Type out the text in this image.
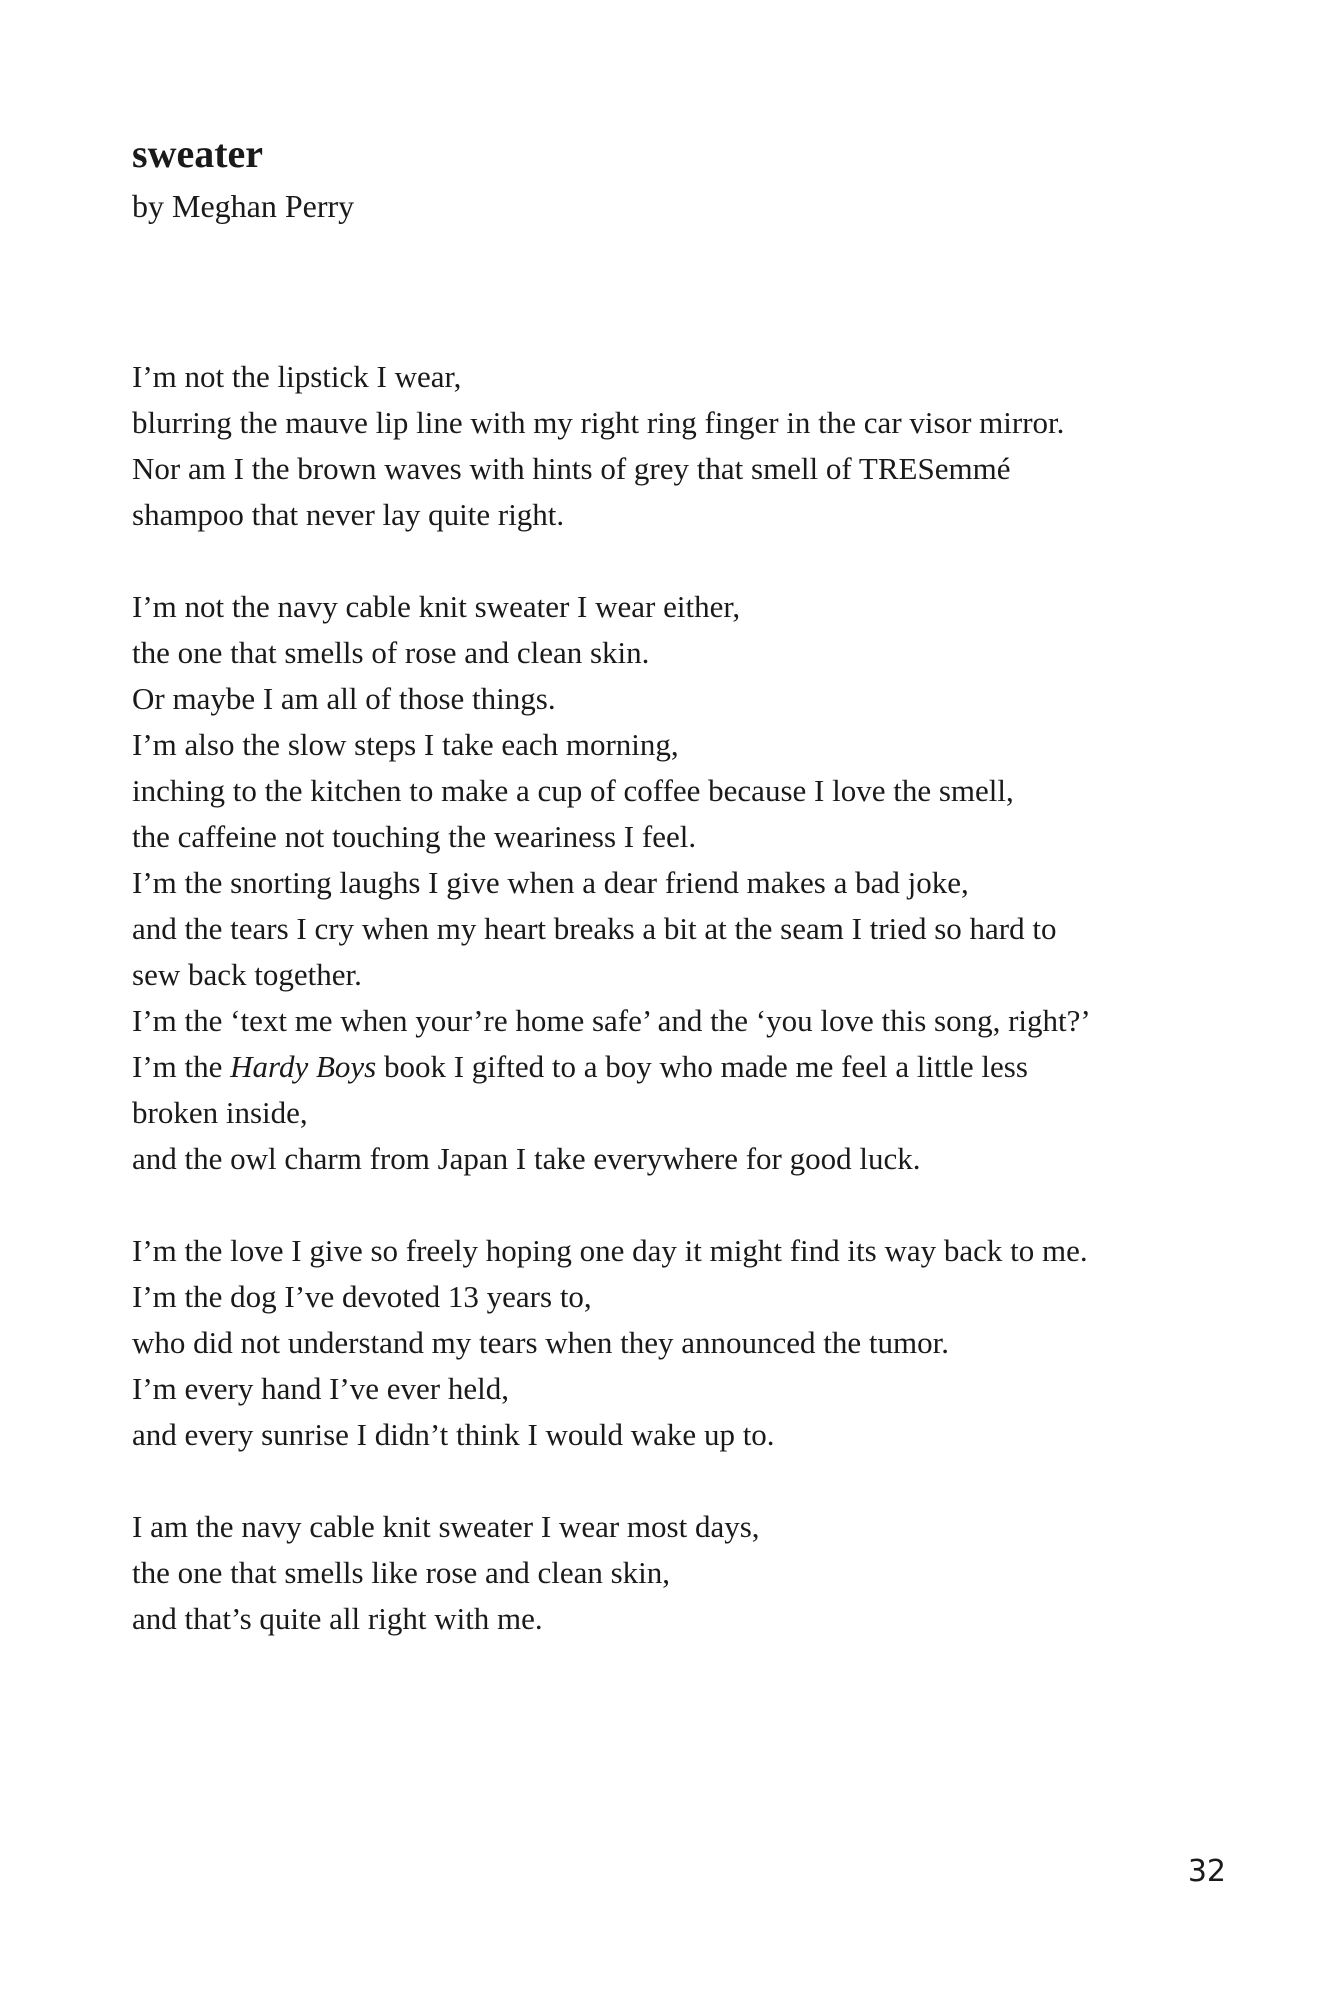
sweater

by Meghan Perry

I’m not the lipstick I wear,
blurring the mauve lip line with my right ring finger in the car visor mirror.
Nor am I the brown waves with hints of grey that smell of TRESemmé
shampoo that never lay quite right.
I’m not the navy cable knit sweater I wear either,
the one that smells of rose and clean skin.
Or maybe I am all of those things.
I’m also the slow steps I take each morning,
inching to the kitchen to make a cup of coffee because I love the smell,
the caffeine not touching the weariness I feel.
I’m the snorting laughs I give when a dear friend makes a bad joke,
and the tears I cry when my heart breaks a bit at the seam I tried so hard to
sew back together.
I’m the ‘text me when your’re home safe’ and the ‘you love this song, right?’
I’m the Hardy Boys book I gifted to a boy who made me feel a little less
broken inside,
and the owl charm from Japan I take everywhere for good luck.
I’m the love I give so freely hoping one day it might find its way back to me.
I’m the dog I’ve devoted 13 years to,
who did not understand my tears when they announced the tumor.
I’m every hand I’ve ever held,
and every sunrise I didn’t think I would wake up to.
I am the navy cable knit sweater I wear most days,
the one that smells like rose and clean skin,
and that’s quite all right with me.
32
